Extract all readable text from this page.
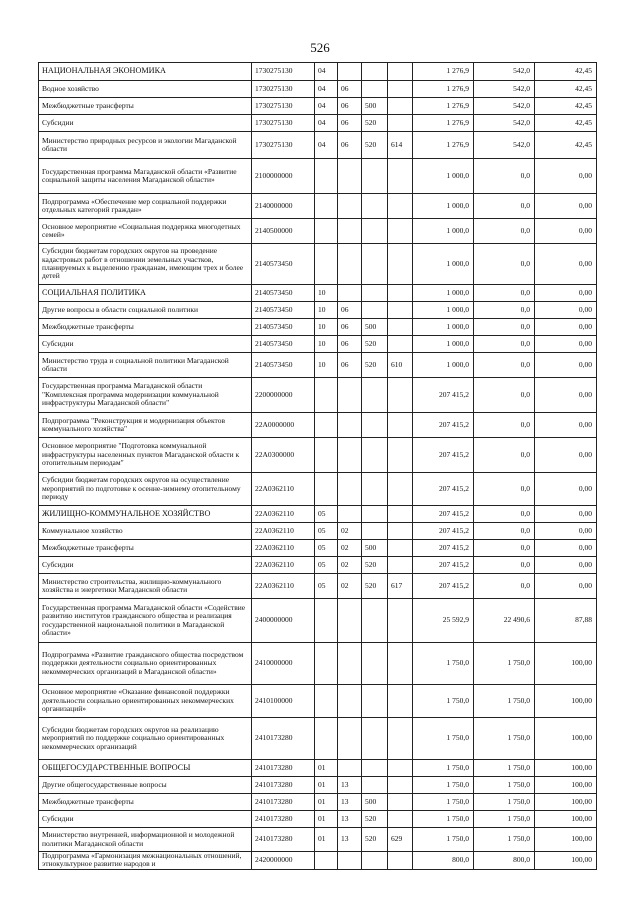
526
НАЦИОНАЛЬНАЯ ЭКОНОМИКА	1730275130	04				1 276,9	542,0	42,45
Водное хозяйство	1730275130	04	06			1 276,9	542,0	42,45
Межбюджетные трансферты	1730275130	04	06	500		1 276,9	542,0	42,45
Субсидии	1730275130	04	06	520		1 276,9	542,0	42,45
Министерство природных ресурсов и экологии Магаданской области	1730275130	04	06	520	614	1 276,9	542,0	42,45
Государственная программа Магаданской области «Развитие социальной защиты населения Магаданской области»	2100000000					1 000,0	0,0	0,00
Подпрограмма «Обеспечение мер социальной поддержки отдельных категорий граждан»	2140000000					1 000,0	0,0	0,00
Основное мероприятие «Социальная поддержка многодетных семей»	2140500000					1 000,0	0,0	0,00
Субсидии бюджетам городских округов на проведение кадастровых работ в отношении земельных участков, планируемых к выделению гражданам, имеющим трех и более детей	2140573450					1 000,0	0,0	0,00
СОЦИАЛЬНАЯ ПОЛИТИКА	2140573450	10				1 000,0	0,0	0,00
Другие вопросы в области социальной политики	2140573450	10	06			1 000,0	0,0	0,00
Межбюджетные трансферты	2140573450	10	06	500		1 000,0	0,0	0,00
Субсидии	2140573450	10	06	520		1 000,0	0,0	0,00
Министерство труда и социальной политики Магаданской области	2140573450	10	06	520	610	1 000,0	0,0	0,00
Государственная программа Магаданской области "Комплексная программа модернизации коммунальной инфраструктуры Магаданской области"	2200000000					207 415,2	0,0	0,00
Подпрограмма "Реконструкция и модернизация объектов коммунального хозяйства"	22А0000000					207 415,2	0,0	0,00
Основное мероприятие "Подготовка коммунальной инфраструктуры населенных пунктов Магаданской области к отопительным периодам"	22А0300000					207 415,2	0,0	0,00
Субсидии бюджетам городских округов на осуществление мероприятий по подготовке к осенне-зимнему отопительному периоду	22А0362110					207 415,2	0,0	0,00
ЖИЛИЩНО-КОММУНАЛЬНОЕ ХОЗЯЙСТВО	22А0362110	05				207 415,2	0,0	0,00
Коммунальное хозяйство	22А0362110	05	02			207 415,2	0,0	0,00
Межбюджетные трансферты	22А0362110	05	02	500		207 415,2	0,0	0,00
Субсидии	22А0362110	05	02	520		207 415,2	0,0	0,00
Министерство строительства, жилищно-коммунального хозяйства и энергетики Магаданской области	22А0362110	05	02	520	617	207 415,2	0,0	0,00
Государственная программа Магаданской области «Содействие развитию институтов гражданского общества и реализация государственной национальной политики в Магаданской области»	2400000000					25 592,9	22 490,6	87,88
Подпрограмма «Развитие гражданского общества посредством поддержки деятельности социально ориентированных некоммерческих организаций в Магаданской области»	2410000000					1 750,0	1 750,0	100,00
Основное мероприятие «Оказание финансовой поддержки деятельности социально ориентированных некоммерческих организаций»	2410100000					1 750,0	1 750,0	100,00
Субсидии бюджетам городских округов на реализацию мероприятий по поддержке социально ориентированных некоммерческих организаций	2410173280					1 750,0	1 750,0	100,00
ОБЩЕГОСУДАРСТВЕННЫЕ ВОПРОСЫ	2410173280	01				1 750,0	1 750,0	100,00
Другие общегосударственные вопросы	2410173280	01	13			1 750,0	1 750,0	100,00
Межбюджетные трансферты	2410173280	01	13	500		1 750,0	1 750,0	100,00
Субсидии	2410173280	01	13	520		1 750,0	1 750,0	100,00
Министерство внутренней, информационной и молодежной политики Магаданской области	2410173280	01	13	520	629	1 750,0	1 750,0	100,00
Подпрограмма «Гармонизация межнациональных отношений, этнокультурное развитие народов и	2420000000					800,0	800,0	100,00
